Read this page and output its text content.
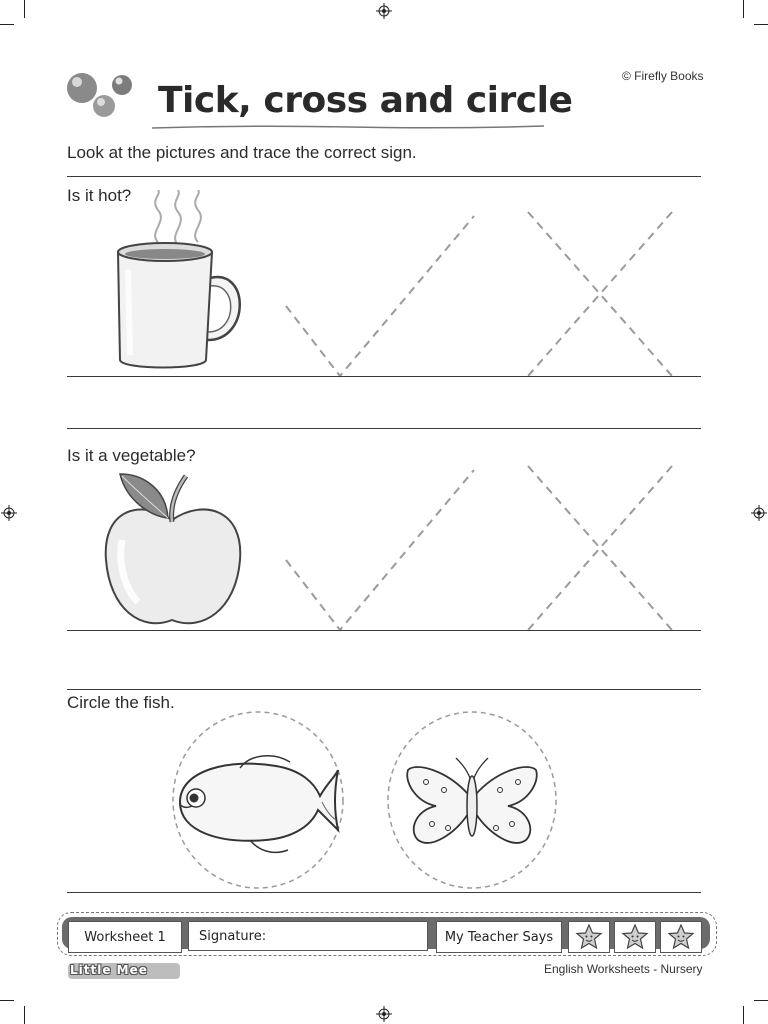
Tick, cross and circle
© Firefly Books
Look at the pictures and trace the correct sign.
Is it hot?
Is it a vegetable?
Circle the fish.
Worksheet 1	Signature:	My Teacher Says
Little Mee	English Worksheets - Nursery
